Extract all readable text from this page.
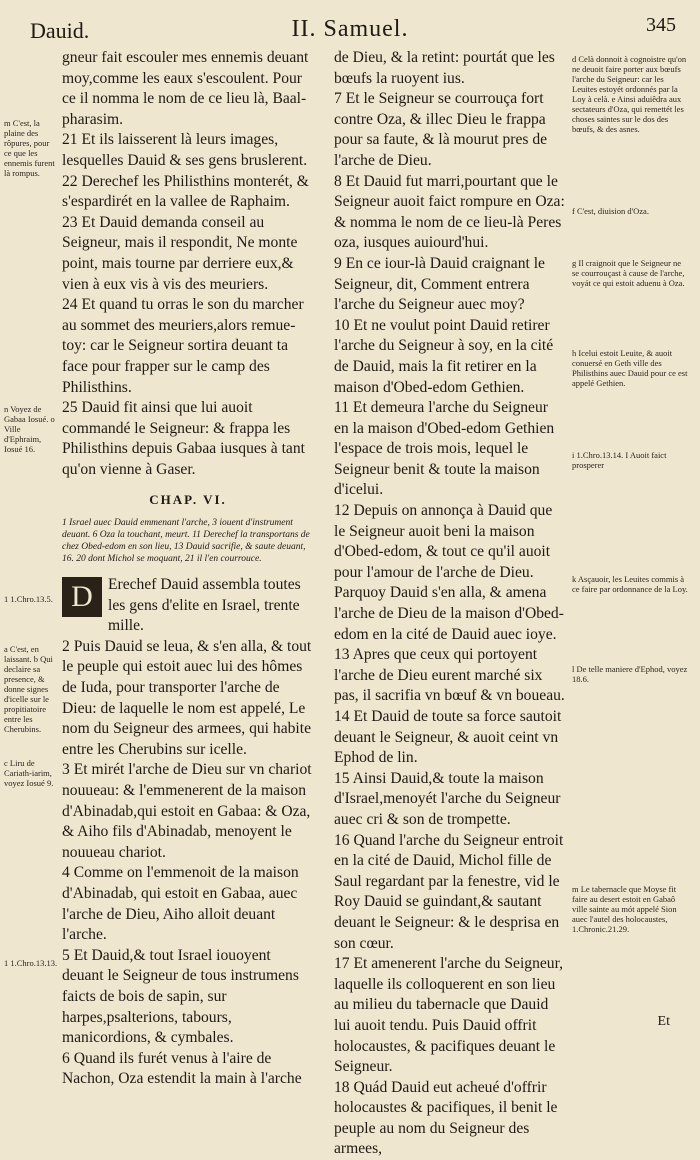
Dauid.	II. Samuel.	345

gneur fait escouler mes ennemis deuant moy,comme les eaux s'escoulent. Pour ce il nomma le nom de ce lieu là, Baal-pharasim.

21 Et ils laisserent là leurs images, lesquelles Dauid & ses gens bruslerent.

22 Derechef les Philisthins monterét, & s'espardirét en la vallee de Raphaim.

23 Et Dauid demanda conseil au Seigneur, mais il respondit, Ne monte point, mais tourne par derriere eux,& vien à eux vis à vis des meuriers.

24 Et quand tu orras le son du marcher au sommet des meuriers,alors remue-toy: car le Seigneur sortira deuant ta face pour frapper sur le camp des Philisthins.

25 Dauid fit ainsi que lui auoit commandé le Seigneur: & frappa les Philisthins depuis Gabaa iusques à tant qu'on vienne à Gaser.

CHAP. VI.
1 Israel auec Dauid emmenant l'arche, 3 iouent d'instrument deuant. 6 Oza la touchant, meurt. 11 Derechef la transportans de chez Obed-edom en son lieu, 13 Dauid sacrifie, & saute deuant, 16. 20 dont Michol se moquant, 21 il l'en courrouce.
D Erechef Dauid assembla toutes les gens d'elite en Israel, trente mille.

2 Puis Dauid se leua, & s'en alla, & tout le peuple qui estoit auec lui des hômes de Iuda, pour transporter l'arche de Dieu: de laquelle le nom est appelé, Le nom du Seigneur des armees, qui habite entre les Cherubins sur icelle.

3 Et mirét l'arche de Dieu sur vn chariot nouueau: & l'emmenerent de la maison d'Abinadab,qui estoit en Gabaa: & Oza, & Aiho fils d'Abinadab, menoyent le nouueau chariot.

4 Comme on l'emmenoit de la maison d'Abinadab, qui estoit en Gabaa, auec l'arche de Dieu, Aiho alloit deuant l'arche.

5 Et Dauid,& tout Israel iouoyent deuant le Seigneur de tous instrumens faicts de bois de sapin, sur harpes,psalterions, tabours, manicordions, & cymbales.

6 Quand ils furét venus à l'aire de Nachon, Oza estendit la main à l'arche

de Dieu, & la retint: pourtát que les bœufs la ruoyent ius.

7 Et le Seigneur se courrouça fort contre Oza, & illec Dieu le frappa pour sa faute, & là mourut pres de l'arche de Dieu.

8 Et Dauid fut marri,pourtant que le Seigneur auoit faict rompure en Oza: & nomma le nom de ce lieu-là Peres oza, iusques auiourd'hui.

9 En ce iour-là Dauid craignant le Seigneur, dit, Comment entrera l'arche du Seigneur auec moy?

10 Et ne voulut point Dauid retirer l'arche du Seigneur à soy, en la cité de Dauid, mais la fit retirer en la maison d'Obed-edom Gethien.

11 Et demeura l'arche du Seigneur en la maison d'Obed-edom Gethien l'espace de trois mois, lequel le Seigneur benit & toute la maison d'icelui.

12 Depuis on annonça à Dauid que le Seigneur auoit beni la maison d'Obed-edom, & tout ce qu'il auoit pour l'amour de l'arche de Dieu. Parquoy Dauid s'en alla, & amena l'arche de Dieu de la maison d'Obed-edom en la cité de Dauid auec ioye.

13 Apres que ceux qui portoyent l'arche de Dieu eurent marché six pas, il sacrifia vn bœuf & vn boueau.

14 Et Dauid de toute sa force sautoit deuant le Seigneur, & auoit ceint vn Ephod de lin.

15 Ainsi Dauid,& toute la maison d'Israel,menoyét l'arche du Seigneur auec cri & son de trompette.

16 Quand l'arche du Seigneur entroit en la cité de Dauid, Michol fille de Saul regardant par la fenestre, vid le Roy Dauid se guindant,& sautant deuant le Seigneur: & le desprisa en son cœur.

17 Et amenerent l'arche du Seigneur, laquelle ils colloquerent en son lieu au milieu du tabernacle que Dauid lui auoit tendu. Puis Dauid offrit holocaustes, & pacifiques deuant le Seigneur.

18 Quád Dauid eut acheué d'offrir holocaustes & pacifiques, il benit le peuple au nom du Seigneur des armees,

Et
m C'est, la plaine des rôpures, pour ce que les ennemis furent là rompus.
n Voyez de Gabaa Iosué. o Ville d'Ephraim, Iosué 16.
1 1.Chro.13.5.
a C'est, en laissant. b Qui declaire sa presence, & donne signes d'icelle sur le propitiatoire entre les Cherubins.
c Liru de Cariath-iarim, voyez Iosué 9.
1 1.Chro.13.13.
d Celà donnoit à cognoistre qu'on ne deuoit faire porter aux bœufs l'arche du Seigneur: car les Leuites estoyét ordonnés par la Loy à celà. e Ainsi aduiêdra aux sectateurs d'Oza, qui remettét les choses saintes sur le dos des bœufs, & des asnes.
f C'est, diuision d'Oza.
g Il craignoit que le Seigneur ne se courrouçast à cause de l'arche, voyát ce qui estoit aduenu à Oza.
h Icelui estoit Leuite, & auoit conuersé en Geth ville des Philisthins auec Dauid pour ce est appelé Gethien.
i 1.Chro.13.14. I Auoit faict prosperer
k Asçauoir, les Leuites commis à ce faire par ordonnance de la Loy.
l De telle maniere d'Ephod, voyez 18.6.
m Le tabernacle que Moyse fit faire au desert estoit en Gabaô ville sainte au mót appelé Sion auec l'autel des holocaustes, 1.Chronic.21.29.
